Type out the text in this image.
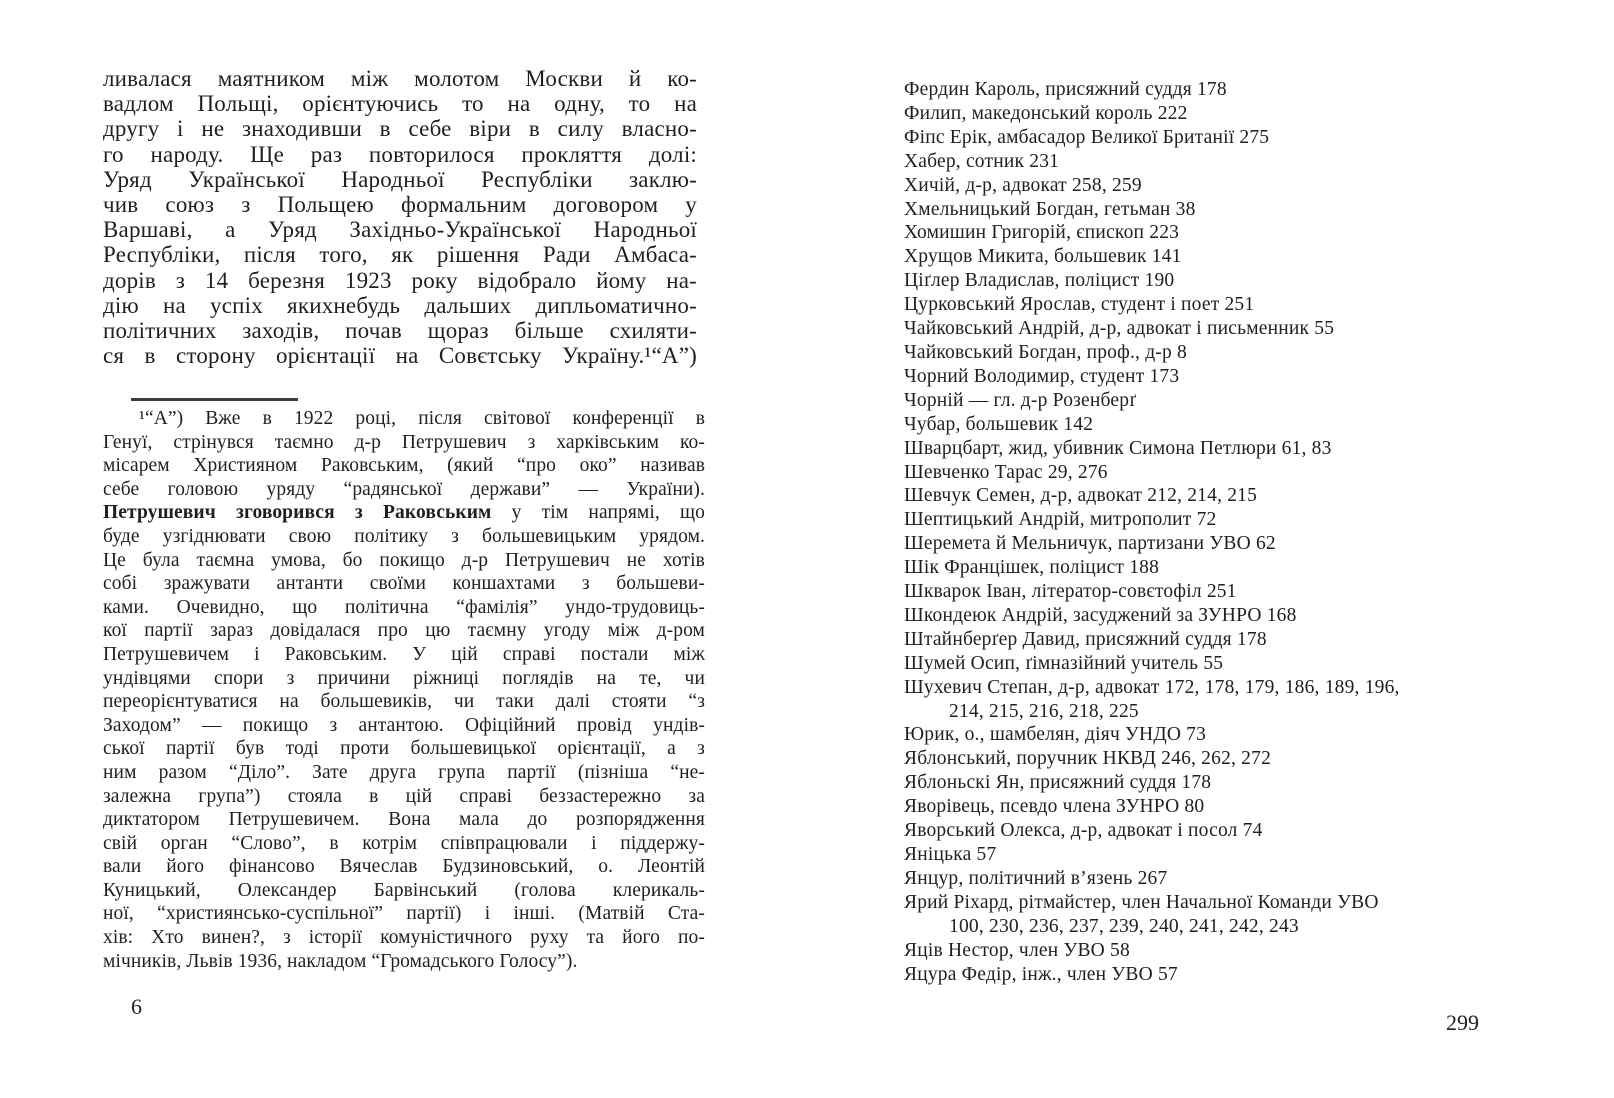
ливалася маятником між молотом Москви й ко-
вадлом Польщі, орієнтуючись то на одну, то на
другу і не знаходивши в себе віри в силу власно-
го народу. Ще раз повторилося прокляття долі:
Уряд Української Народньої Республіки заклю-
чив союз з Польщею формальним договором у
Варшаві, а Уряд Західньо-Української Народньої
Республіки, після того, як рішення Ради Амбаса-
дорів з 14 березня 1923 року відобрало йому на-
дію на успіх якихнебудь дальших дипльоматично-
політичних заходів, почав щораз більше схиляти-
ся в сторону орієнтації на Совєтську Україну.¹“А”)
¹“А”) Вже в 1922 році, після світової конференції в
Генуї, стрінувся таємно д-р Петрушевич з харківським ко-
місарем Християном Раковським, (який “про око” називав
себе головою уряду “радянської держави” — України).
Петрушевич зговорився з Раковським у тім напрямі, що
буде узгіднювати свою політику з большевицьким урядом.
Це була таємна умова, бо покищо д-р Петрушевич не хотів
собі зражувати антанти своїми коншахтами з большеви-
ками. Очевидно, що політична “фамілія” ундо-трудовиць-
кої партії зараз довідалася про цю таємну угоду між д-ром
Петрушевичем і Раковським. У цій справі постали між
ундівцями спори з причини ріжниці поглядів на те, чи
переорієнтуватися на большевиків, чи таки далі стояти “з
Заходом” — покищо з антантою. Офіційний провід ундів-
ської партії був тоді проти большевицької орієнтації, а з
ним разом “Діло”. Зате друга група партії (пізніша “не-
залежна група”) стояла в цій справі беззастережно за
диктатором Петрушевичем. Вона мала до розпорядження
свій орган “Слово”, в котрім співпрацювали і піддержу-
вали його фінансово Вячеслав Будзиновський, о. Леонтій
Куницький, Олександер Барвінський (голова клерикаль-
ної, “християнсько-суспільної” партії) і інші. (Матвій Ста-
хів: Хто винен?, з історії комуністичного руху та його по-
мічників, Львів 1936, накладом “Громадського Голосу”).
6
Фердин Кароль, присяжний суддя 178
Филип, македонський король 222
Фіпс Ерік, амбасадор Великої Британії 275
Хабер, сотник 231
Хичій, д-р, адвокат 258, 259
Хмельницький Богдан, гетьман 38
Хомишин Григорій, єпископ 223
Хрущов Микита, большевик 141
Ціґлер Владислав, поліцист 190
Цурковський Ярослав, студент і поет 251
Чайковський Андрій, д-р, адвокат і письменник 55
Чайковський Богдан, проф., д-р 8
Чорний Володимир, студент 173
Чорній — гл. д-р Розенберґ
Чубар, большевик 142
Шварцбарт, жид, убивник Симона Петлюри 61, 83
Шевченко Тарас 29, 276
Шевчук Семен, д-р, адвокат 212, 214, 215
Шептицький Андрій, митрополит 72
Шеремета й Мельничук, партизани УВО 62
Шік Францішек, поліцист 188
Шкварок Іван, літератор-совєтофіл 251
Шкондеюк Андрій, засуджений за ЗУНРО 168
Штайнберґер Давид, присяжний суддя 178
Шумей Осип, ґімназійний учитель 55
Шухевич Степан, д-р, адвокат 172, 178, 179, 186, 189, 196,
214, 215, 216, 218, 225
Юрик, о., шамбелян, діяч УНДО 73
Яблонський, поручник НКВД 246, 262, 272
Яблоньскі Ян, присяжний суддя 178
Яворівець, псевдо члена ЗУНРО 80
Яворський Олекса, д-р, адвокат і посол 74
Яніцька 57
Янцур, політичний в’язень 267
Ярий Ріхард, рітмайстер, член Начальної Команди УВО
100, 230, 236, 237, 239, 240, 241, 242, 243
Яців Нестор, член УВО 58
Яцура Федір, інж., член УВО 57
299
